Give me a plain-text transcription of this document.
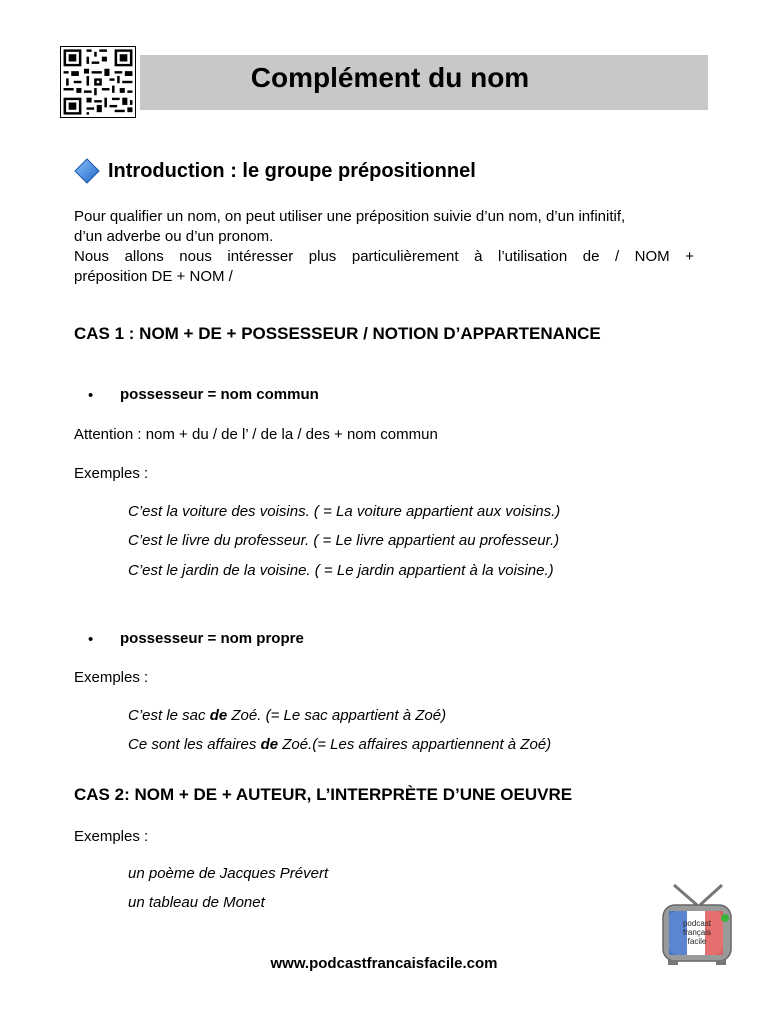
Complément du nom
Introduction : le groupe prépositionnel
Pour qualifier un nom, on peut utiliser une préposition suivie d’un nom, d’un infinitif,
d’un adverbe ou d’un pronom.
Nous allons nous intéresser plus particulièrement à l’utilisation de / NOM +
préposition DE + NOM /
CAS 1 : NOM + DE + POSSESSEUR / NOTION D’APPARTENANCE
• possesseur = nom commun
Attention : nom + du / de l’ / de la / des + nom commun
Exemples :
C’est la voiture des voisins. ( = La voiture appartient aux voisins.)
C’est le livre du professeur. ( = Le livre appartient au professeur.)
C’est le jardin de la voisine. ( = Le jardin appartient à la voisine.)
• possesseur = nom propre
Exemples :
C’est le sac de Zoé. (= Le sac appartient à Zoé)
Ce sont les affaires de Zoé.(= Les affaires appartiennent à Zoé)
CAS 2: NOM + DE + AUTEUR, L’INTERPRÈTE D’UNE OEUVRE
Exemples :
un poème de Jacques Prévert
un tableau de Monet
www.podcastfrancaisfacile.com
podcast
français
facile
